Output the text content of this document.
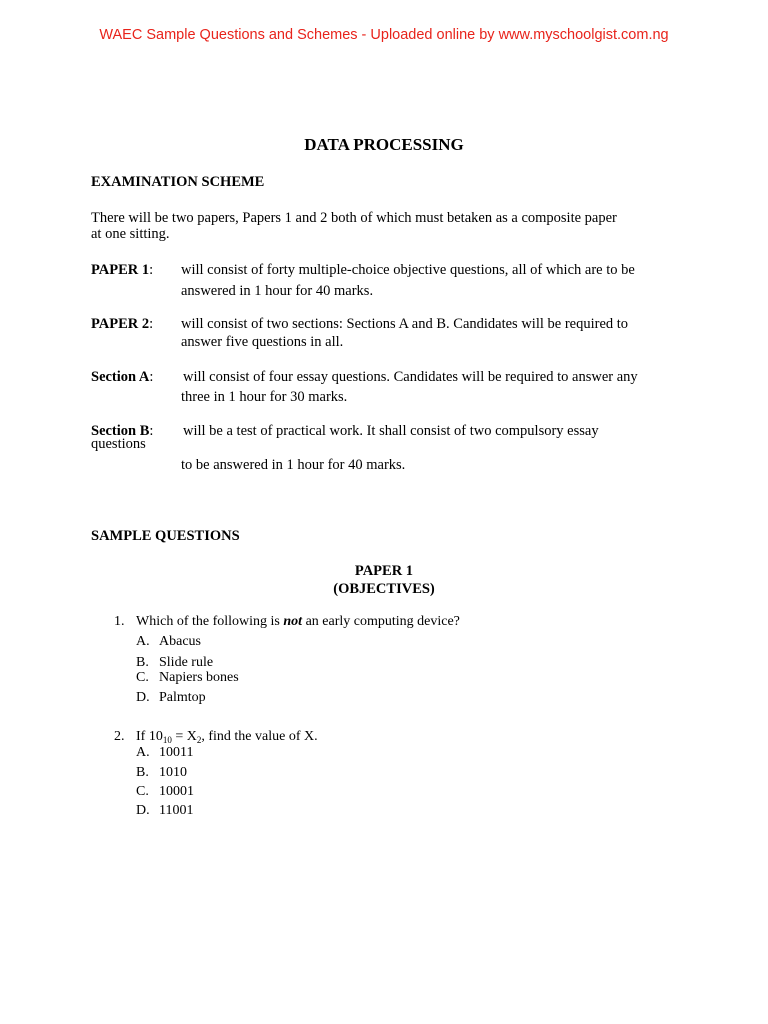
WAEC Sample Questions and Schemes - Uploaded online by www.myschoolgist.com.ng
DATA PROCESSING
EXAMINATION SCHEME
There will be two papers, Papers 1 and 2 both of which must betaken as a composite paper
at one sitting.
PAPER 1: will consist of forty multiple-choice objective questions, all of which are to be
answered in 1 hour for 40 marks.
PAPER 2: will consist of two sections: Sections A and B. Candidates will be required to
answer five questions in all.
Section A: will consist of four essay questions. Candidates will be required to answer any
three in 1 hour for 30 marks.
Section B: will be a test of practical work. It shall consist of two compulsory essay
questions
to be answered in 1 hour for 40 marks.
SAMPLE QUESTIONS
PAPER 1
(OBJECTIVES)
1. Which of the following is not an early computing device?
A. Abacus
B. Slide rule
C. Napiers bones
D. Palmtop
2. If $10_{10} = X_2$, find the value of X.
A. 10011
B. 1010
C. 10001
D. 11001
